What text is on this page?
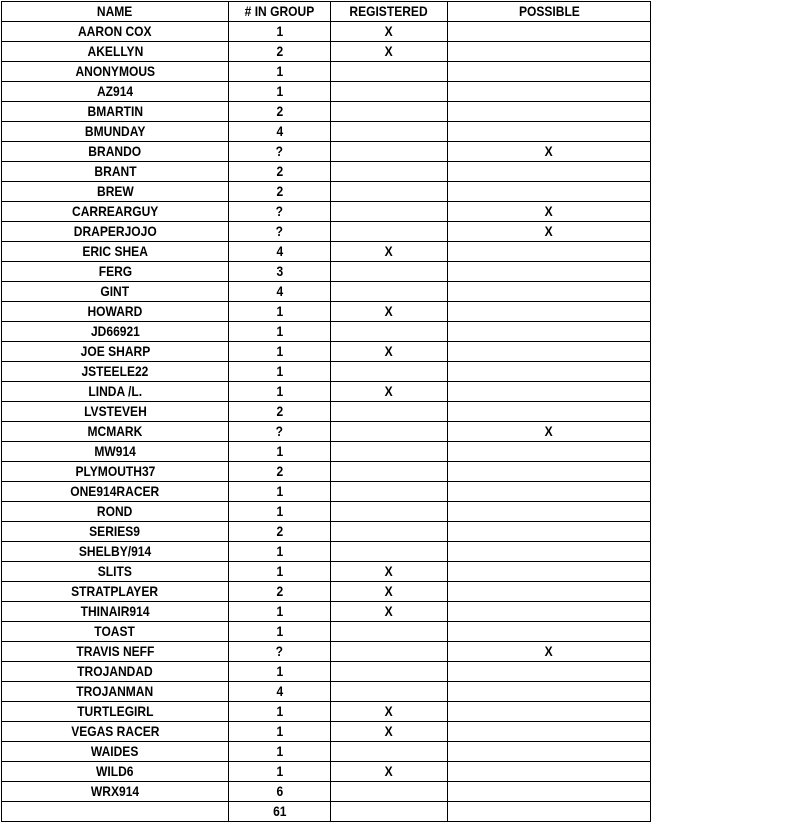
NAME	# IN GROUP	REGISTERED	POSSIBLE
AARON COX	1	X	
AKELLYN	2	X	
ANONYMOUS	1		
AZ914	1		
BMARTIN	2		
BMUNDAY	4		
BRANDO	?		X
BRANT	2		
BREW	2		
CARREARGUY	?		X
DRAPERJOJO	?		X
ERIC SHEA	4	X	
FERG	3		
GINT	4		
HOWARD	1	X	
JD66921	1		
JOE SHARP	1	X	
JSTEELE22	1		
LINDA /L.	1	X	
LVSTEVEH	2		
MCMARK	?		X
MW914	1		
PLYMOUTH37	2		
ONE914RACER	1		
ROND	1		
SERIES9	2		
SHELBY/914	1		
SLITS	1	X	
STRATPLAYER	2	X	
THINAIR914	1	X	
TOAST	1		
TRAVIS NEFF	?		X
TROJANDAD	1		
TROJANMAN	4		
TURTLEGIRL	1	X	
VEGAS RACER	1	X	
WAIDES	1		
WILD6	1	X	
WRX914	6		
	61		
